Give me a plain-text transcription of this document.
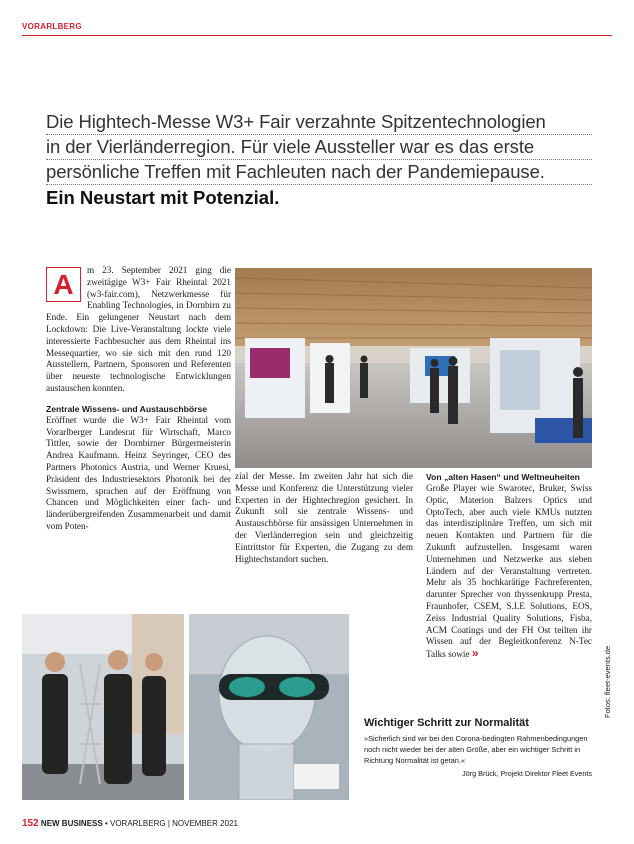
VORARLBERG
Die Hightech-Messe W3+ Fair verzahnte Spitzentechnologien
in der Vierländerregion. Für viele Aussteller war es das erste
persönliche Treffen mit Fachleuten nach der Pandemiepause.
Ein Neustart mit Potenzial.

A	m 23. September 2021 ging die zweitägige W3+ Fair Rheintal 2021 (w3-fair.com), Netzwerkmesse für Enabling Technologies, in Dornbirn zu Ende. Ein gelungener Neustart nach dem Lockdown: Die Live-Veranstaltung lockte viele interessierte Fachbesucher aus dem Rheintal ins Messequartier, wo sie sich mit den rund 120 Ausstellern, Partnern, Sponsoren und Referenten über neueste technologische Entwicklungen austauschen konnten.

Zentrale Wissens- und Austauschbörse

Eröffnet wurde die W3+ Fair Rheintal vom Vorarlberger Landesrat für Wirtschaft, Marco Tittler, sowie der Dornbirner Bürgermeisterin Andrea Kaufmann. Heinz Seyringer, CEO des Partners Photonics Austria, und Werner Kruesi, Präsident des Industriesektors Photonik bei der Swissmem, sprachen auf der Eröffnung von Chancen und Möglichkeiten einer fach- und länderübergreifenden Zusammenarbeit und damit vom Poten-

zial der Messe. Im zweiten Jahr hat sich die Messe und Konferenz die Unterstützung vieler Experten in der Hightechregion gesichert. In Zukunft soll sie zentrale Wissens- und Austauschbörse für ansässigen Unternehmen in der Vierländerregion sein und gleichzeitig Eintrittstor für Experten, die Zugang zu dem Hightechstandort suchen.

Von „alten Hasen“ und Weltneuheiten

Große Player wie Swarotec, Bruker, Swiss Optic, Materion Balzers Optics und OptoTech, aber auch viele KMUs nutzten das interdisziplinäre Treffen, um sich mit neuen Kontakten und Partnern für die Zukunft aufzustellen. Insgesamt waren Unternehmen und Netzwerke aus sieben Ländern auf der Veranstaltung vertreten. Mehr als 35 hochkarätige Fachreferenten, darunter Sprecher von thyssenkrupp Presta, Fraunhofer, CSEM, S.I.E Solutions, EOS, Zeiss Industrial Quality Solutions, Fisba, ACM Coatings und der FH Ost teilten ihr Wissen auf der Begleitkonferenz N-Tec Talks sowie »

Wichtiger Schritt zur Normalität
»Sicherlich sind wir bei den Corona-bedingten Rahmenbedingungen noch nicht wieder bei der alten Größe, aber ein wichtiger Schritt in Richtung Normalität ist getan.«
Jörg Brück, Projekt Direktor Fleet Events
Fotos: fleet-events.de
152 NEW BUSINESS • VORARLBERG | NOVEMBER 2021
